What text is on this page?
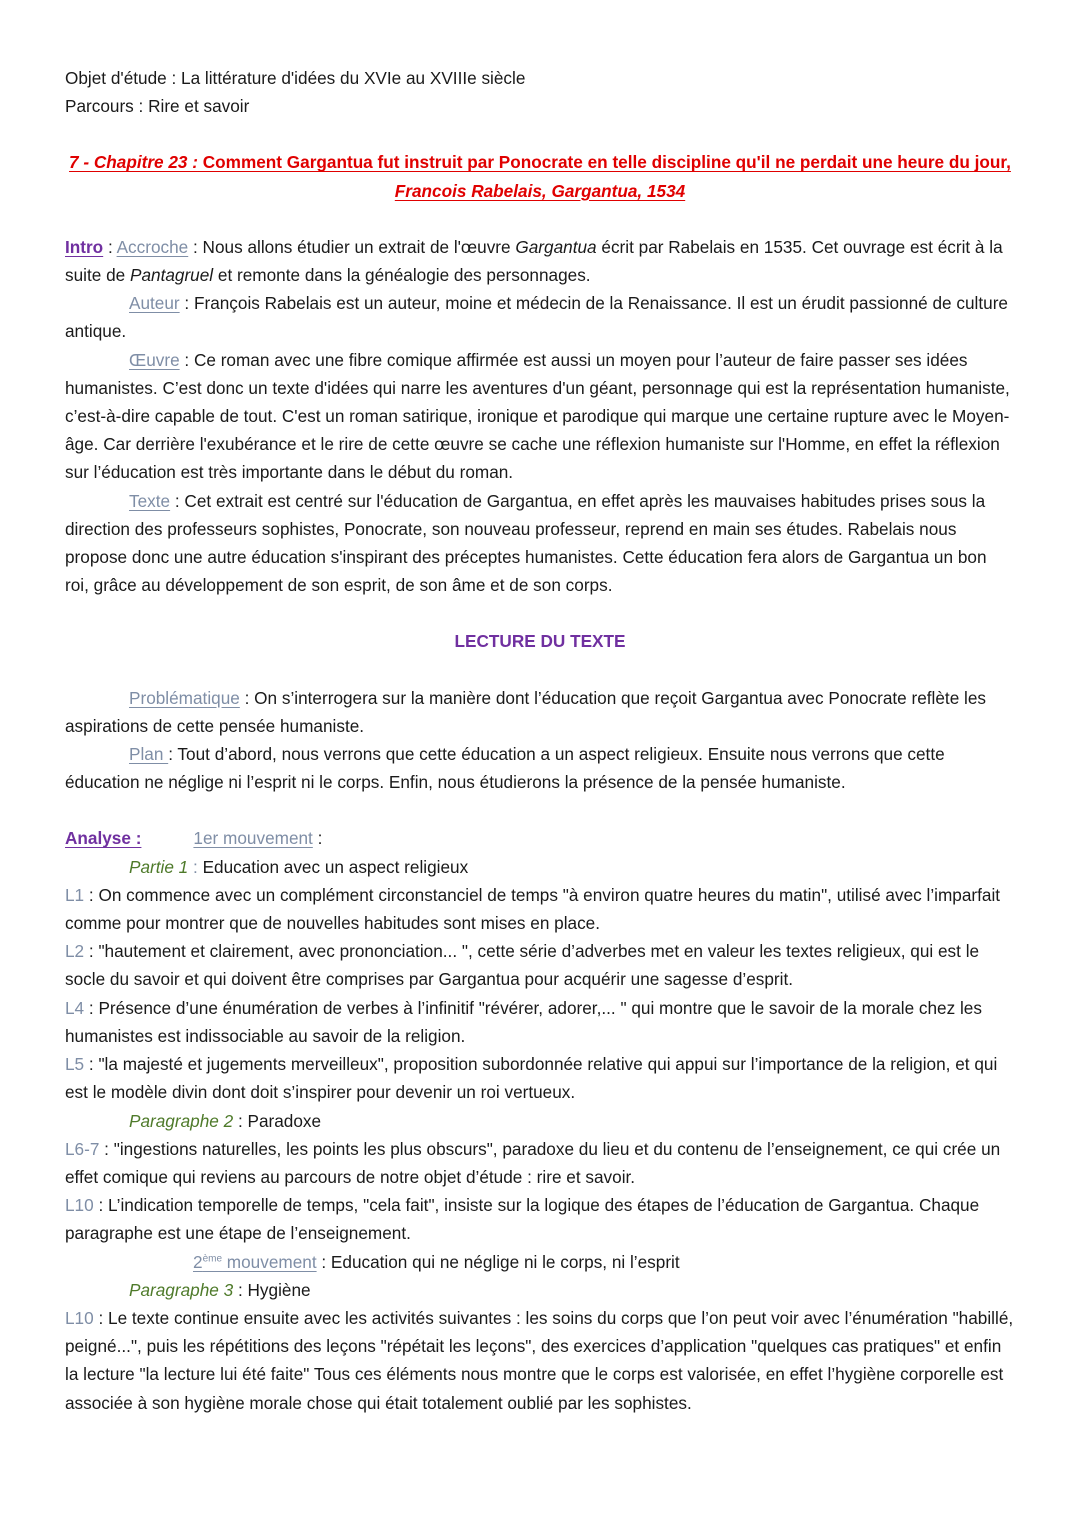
Objet d'étude : La littérature d'idées du XVIe au XVIIIe siècle

Parcours : Rire et savoir

7 - Chapitre 23 : Comment Gargantua fut instruit par Ponocrate en telle discipline qu'il ne perdait une heure du jour, Francois Rabelais, Gargantua, 1534

Intro : Accroche : Nous allons étudier un extrait de l'œuvre Gargantua écrit par Rabelais en 1535. Cet ouvrage est écrit à la suite de Pantagruel et remonte dans la généalogie des personnages.

Auteur : François Rabelais est un auteur, moine et médecin de la Renaissance. Il est un érudit passionné de culture antique.

Œuvre : Ce roman avec une fibre comique affirmée est aussi un moyen pour l’auteur de faire passer ses idées humanistes. C’est donc un texte d'idées qui narre les aventures d'un géant, personnage qui est la représentation humaniste, c’est-à-dire capable de tout. C'est un roman satirique, ironique et parodique qui marque une certaine rupture avec le Moyen-âge. Car derrière l'exubérance et le rire de cette œuvre se cache une réflexion humaniste sur l'Homme, en effet la réflexion sur l’éducation est très importante dans le début du roman.

Texte : Cet extrait est centré sur l'éducation de Gargantua, en effet après les mauvaises habitudes prises sous la direction des professeurs sophistes, Ponocrate, son nouveau professeur, reprend en main ses études. Rabelais nous propose donc une autre éducation s'inspirant des préceptes humanistes. Cette éducation fera alors de Gargantua un bon roi, grâce au développement de son esprit, de son âme et de son corps.

LECTURE DU TEXTE

Problématique : On s’interrogera sur la manière dont l’éducation que reçoit Gargantua avec Ponocrate reflète les aspirations de cette pensée humaniste.

Plan : Tout d’abord, nous verrons que cette éducation a un aspect religieux. Ensuite nous verrons que cette éducation ne néglige ni l’esprit ni le corps. Enfin, nous étudierons la présence de la pensée humaniste.

Analyse :	1er mouvement :

Partie 1 : Education avec un aspect religieux

L1 : On commence avec un complément circonstanciel de temps "à environ quatre heures du matin", utilisé avec l’imparfait comme pour montrer que de nouvelles habitudes sont mises en place.

L2 : "hautement et clairement, avec prononciation... ", cette série d’adverbes met en valeur les textes religieux, qui est le socle du savoir et qui doivent être comprises par Gargantua pour acquérir une sagesse d’esprit.

L4 : Présence d’une énumération de verbes à l’infinitif "révérer, adorer,... " qui montre que le savoir de la morale chez les humanistes est indissociable au savoir de la religion.

L5 : "la majesté et jugements merveilleux", proposition subordonnée relative qui appui sur l’importance de la religion, et qui est le modèle divin dont doit s’inspirer pour devenir un roi vertueux.

Paragraphe 2 : Paradoxe

L6-7 : "ingestions naturelles, les points les plus obscurs", paradoxe du lieu et du contenu de l’enseignement, ce qui crée un effet comique qui reviens au parcours de notre objet d’étude : rire et savoir.

L10 : L’indication temporelle de temps, "cela fait", insiste sur la logique des étapes de l’éducation de Gargantua. Chaque paragraphe est une étape de l’enseignement.

2ème mouvement : Education qui ne néglige ni le corps, ni l’esprit

Paragraphe 3 : Hygiène

L10 : Le texte continue ensuite avec les activités suivantes : les soins du corps que l’on peut voir avec l’énumération "habillé, peigné...", puis les répétitions des leçons "répétait les leçons", des exercices d’application "quelques cas pratiques" et enfin la lecture "la lecture lui été faite" Tous ces éléments nous montre que le corps est valorisée, en effet l’hygiène corporelle est associée à son hygiène morale chose qui était totalement oublié par les sophistes.
